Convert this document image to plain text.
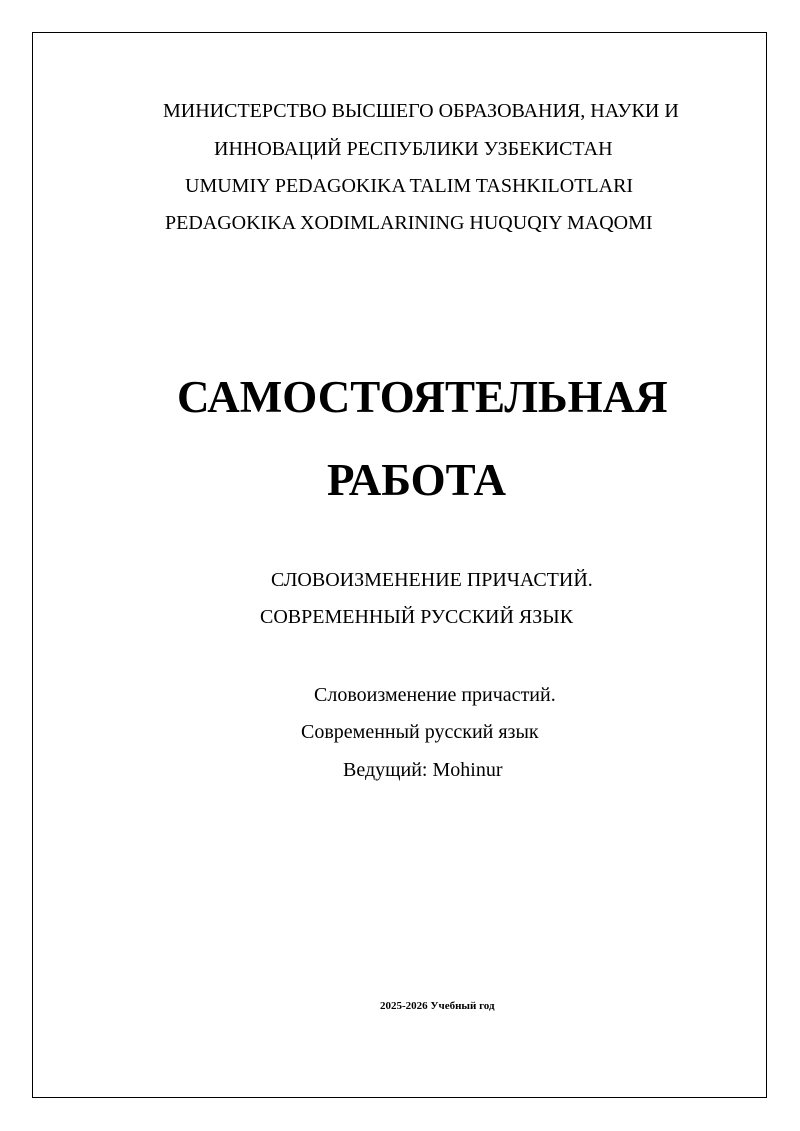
МИНИСТЕРСТВО ВЫСШЕГО ОБРАЗОВАНИЯ, НАУКИ И
ИННОВАЦИЙ РЕСПУБЛИКИ УЗБЕКИСТАН
UMUMIY PEDAGOKIKA TALIM TASHKILOTLARI
PEDAGOKIKA XODIMLARINING HUQUQIY MAQOMI
САМОСТОЯТЕЛЬНАЯ
РАБОТА
СЛОВОИЗМЕНЕНИЕ ПРИЧАСТИЙ.
СОВРЕМЕННЫЙ РУССКИЙ ЯЗЫК
Словоизменение причастий.
Современный русский язык
Ведущий: Mohinur
2025-2026 Учебный год
